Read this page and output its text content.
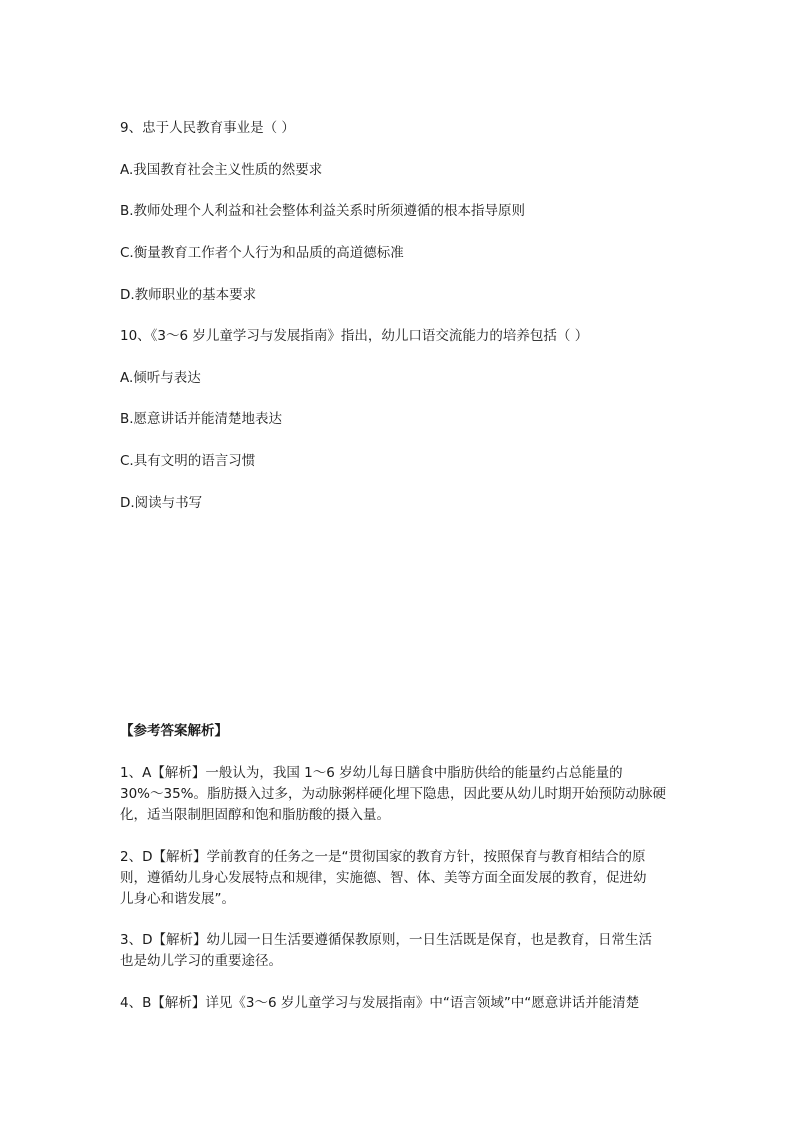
9、忠于人民教育事业是（ ）
A.我国教育社会主义性质的然要求
B.教师处理个人利益和社会整体利益关系时所须遵循的根本指导原则
C.衡量教育工作者个人行为和品质的高道德标准
D.教师职业的基本要求
10、《3～6 岁儿童学习与发展指南》指出，幼儿口语交流能力的培养包括（ ）
A.倾听与表达
B.愿意讲话并能清楚地表达
C.具有文明的语言习惯
D.阅读与书写
【参考答案解析】
1、A【解析】一般认为，我国 1～6 岁幼儿每日膳食中脂肪供给的能量约占总能量的
30%～35%。脂肪摄入过多，为动脉粥样硬化埋下隐患，因此要从幼儿时期开始预防动脉硬
化，适当限制胆固醇和饱和脂肪酸的摄入量。
2、D【解析】学前教育的任务之一是“贯彻国家的教育方针，按照保育与教育相结合的原
则，遵循幼儿身心发展特点和规律，实施德、智、体、美等方面全面发展的教育，促进幼
儿身心和谐发展”。
3、D【解析】幼儿园一日生活要遵循保教原则，一日生活既是保育，也是教育，日常生活
也是幼儿学习的重要途径。
4、B【解析】详见《3～6 岁儿童学习与发展指南》中“语言领域”中“愿意讲话并能清楚
